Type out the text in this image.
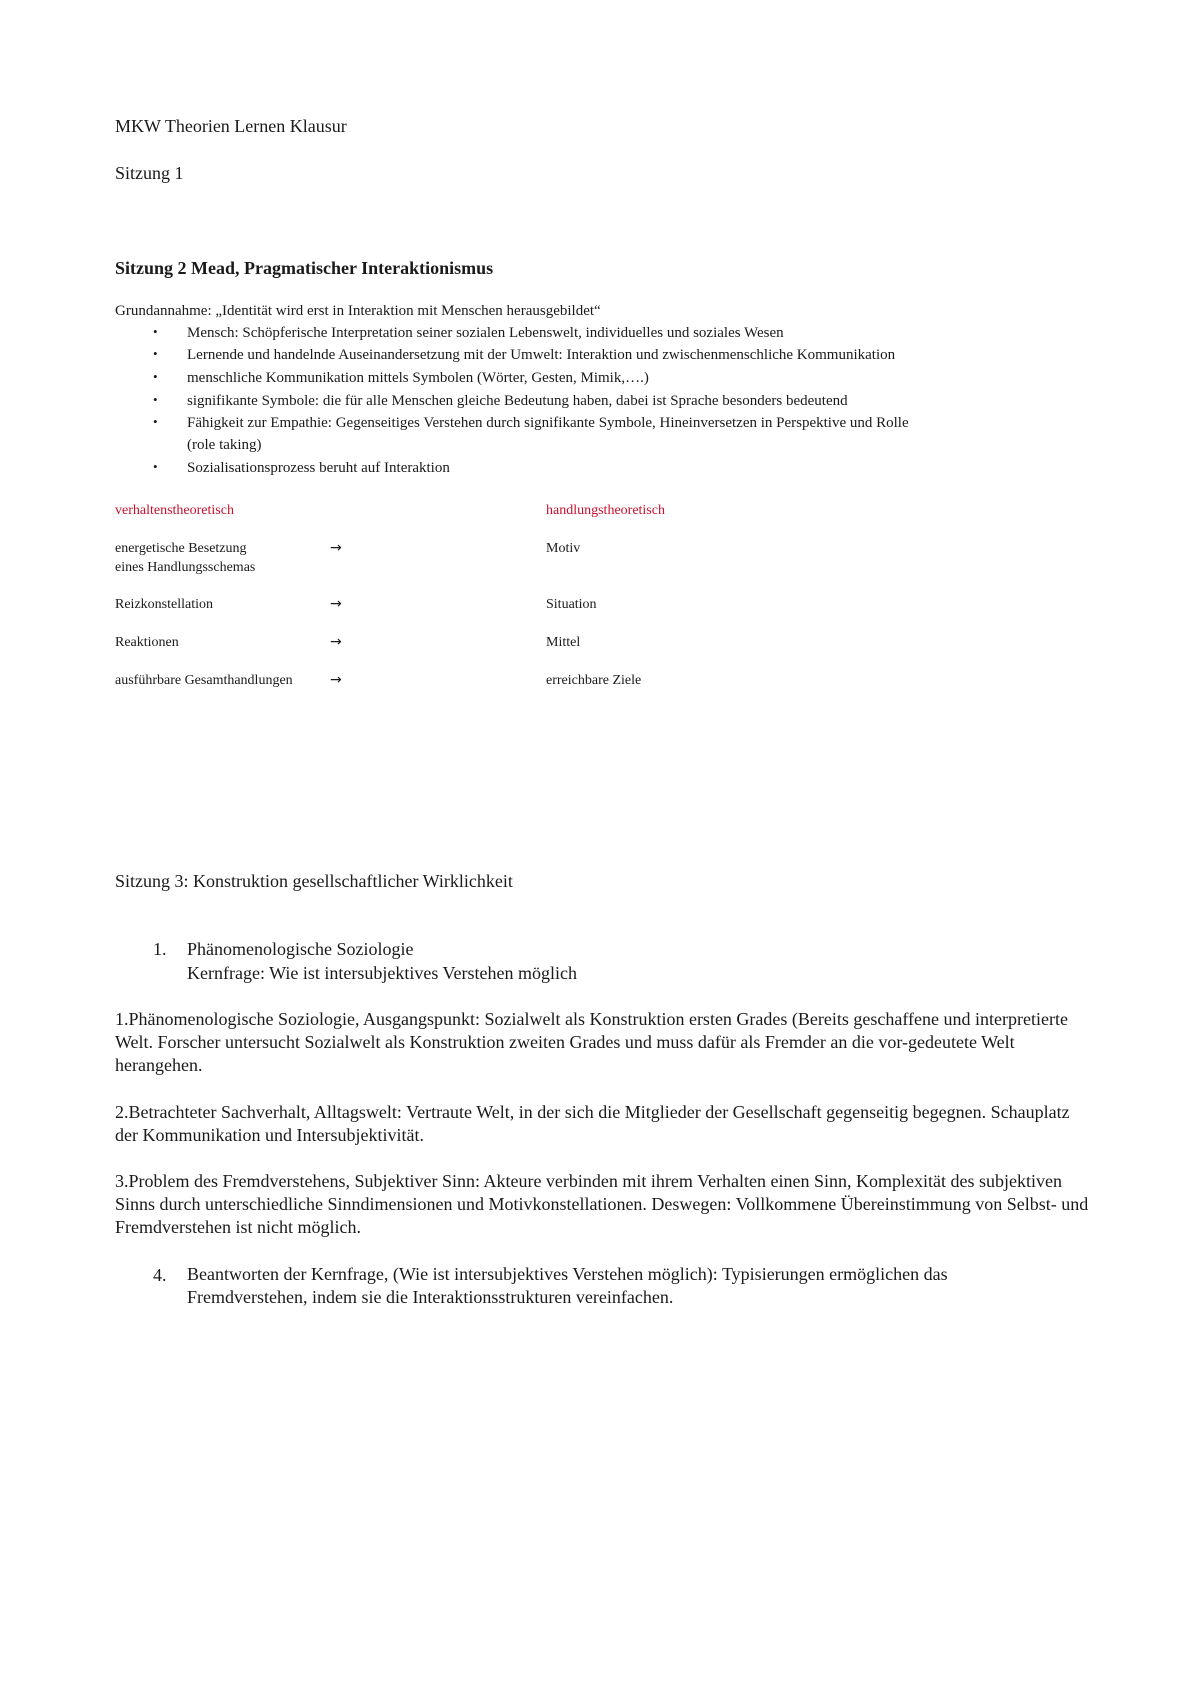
MKW Theorien Lernen Klausur
Sitzung 1
Sitzung 2 Mead, Pragmatischer Interaktionismus
Grundannahme: „Identität wird erst in Interaktion mit Menschen herausgebildet“
• Mensch: Schöpferische Interpretation seiner sozialen Lebenswelt, individuelles und soziales Wesen
• Lernende und handelnde Auseinandersetzung mit der Umwelt: Interaktion und zwischenmenschliche Kommunikation
• menschliche Kommunikation mittels Symbolen (Wörter, Gesten, Mimik,….)
• signifikante Symbole: die für alle Menschen gleiche Bedeutung haben, dabei ist Sprache besonders bedeutend
• Fähigkeit zur Empathie: Gegenseitiges Verstehen durch signifikante Symbole, Hineinversetzen in Perspektive und Rolle
(role taking)
• Sozialisationsprozess beruht auf Interaktion
verhaltenstheoretisch	handlungstheoretisch
energetische Besetzung
eines Handlungsschemas
→	Motiv
Reizkonstellation	→	Situation
Reaktionen	→	Mittel
ausführbare Gesamthandlungen	→	erreichbare Ziele
Sitzung 3: Konstruktion gesellschaftlicher Wirklichkeit
1. Phänomenologische Soziologie
Kernfrage: Wie ist intersubjektives Verstehen möglich
1.Phänomenologische Soziologie, Ausgangspunkt: Sozialwelt als Konstruktion ersten Grades (Bereits geschaffene und interpretierte Welt. Forscher untersucht Sozialwelt als Konstruktion zweiten Grades und muss dafür als Fremder an die vor-gedeutete Welt herangehen.
2.Betrachteter Sachverhalt, Alltagswelt: Vertraute Welt, in der sich die Mitglieder der Gesellschaft gegenseitig begegnen. Schauplatz der Kommunikation und Intersubjektivität.
3.Problem des Fremdverstehens, Subjektiver Sinn: Akteure verbinden mit ihrem Verhalten einen Sinn, Komplexität des subjektiven Sinns durch unterschiedliche Sinndimensionen und Motivkonstellationen. Deswegen: Vollkommene Übereinstimmung von Selbst- und Fremdverstehen ist nicht möglich.
4. Beantworten der Kernfrage, (Wie ist intersubjektives Verstehen möglich): Typisierungen ermöglichen das Fremdverstehen, indem sie die Interaktionsstrukturen vereinfachen.
